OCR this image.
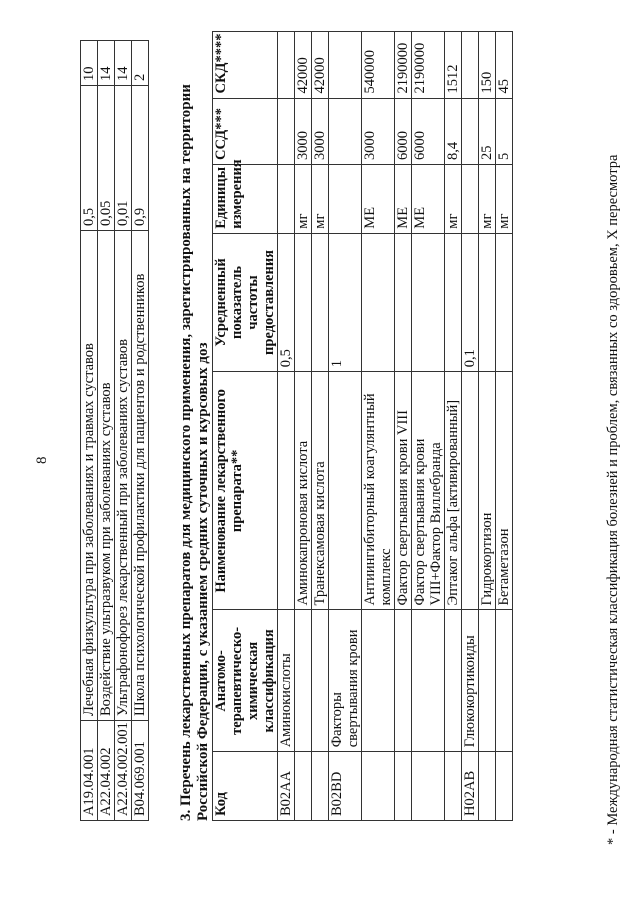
8
A19.04.001	Лечебная физкультура при заболеваниях и травмах суставов	0,5	10
A22.04.002	Воздействие ультразвуком при заболеваниях суставов	0,05	14
A22.04.002.001	Ультрафонофорез лекарственный при заболеваниях суставов	0,01	14
B04.069.001	Школа психологической профилактики для пациентов и родственников	0,9	2
3. Перечень лекарственных препаратов для медицинского применения, зарегистрированных на территории Российской Федерации, с указанием средних суточных и курсовых доз Код	Анатомо-терапевтическо-химическая классификация	Наименование лекарственного препарата**	Усредненный показатель частоты предоставления	Единицы измерения	ССД***	СКД****
B02AA	Аминокислоты		0,5			
		Аминокапроновая кислота		мг	3000	42000
		Транексамовая кислота		мг	3000	42000
B02BD	Факторы свертывания крови		1			
		Антиингибиторный коагулянтный комплекс		МЕ	3000	540000
		Фактор свертывания крови VIII		МЕ	6000	2190000
		Фактор свертывания крови VIII+Фактор Виллебранда		МЕ	6000	2190000
		Эптаког альфа [активированный]		мг	8,4	1512
H02AB	Глюкокортикоиды		0,1			
		Гидрокортизон		мг	25	150
		Бетаметазон		мг	5	45
* - Международная статистическая классификация болезней и проблем, связанных со здоровьем, X пересмотра
